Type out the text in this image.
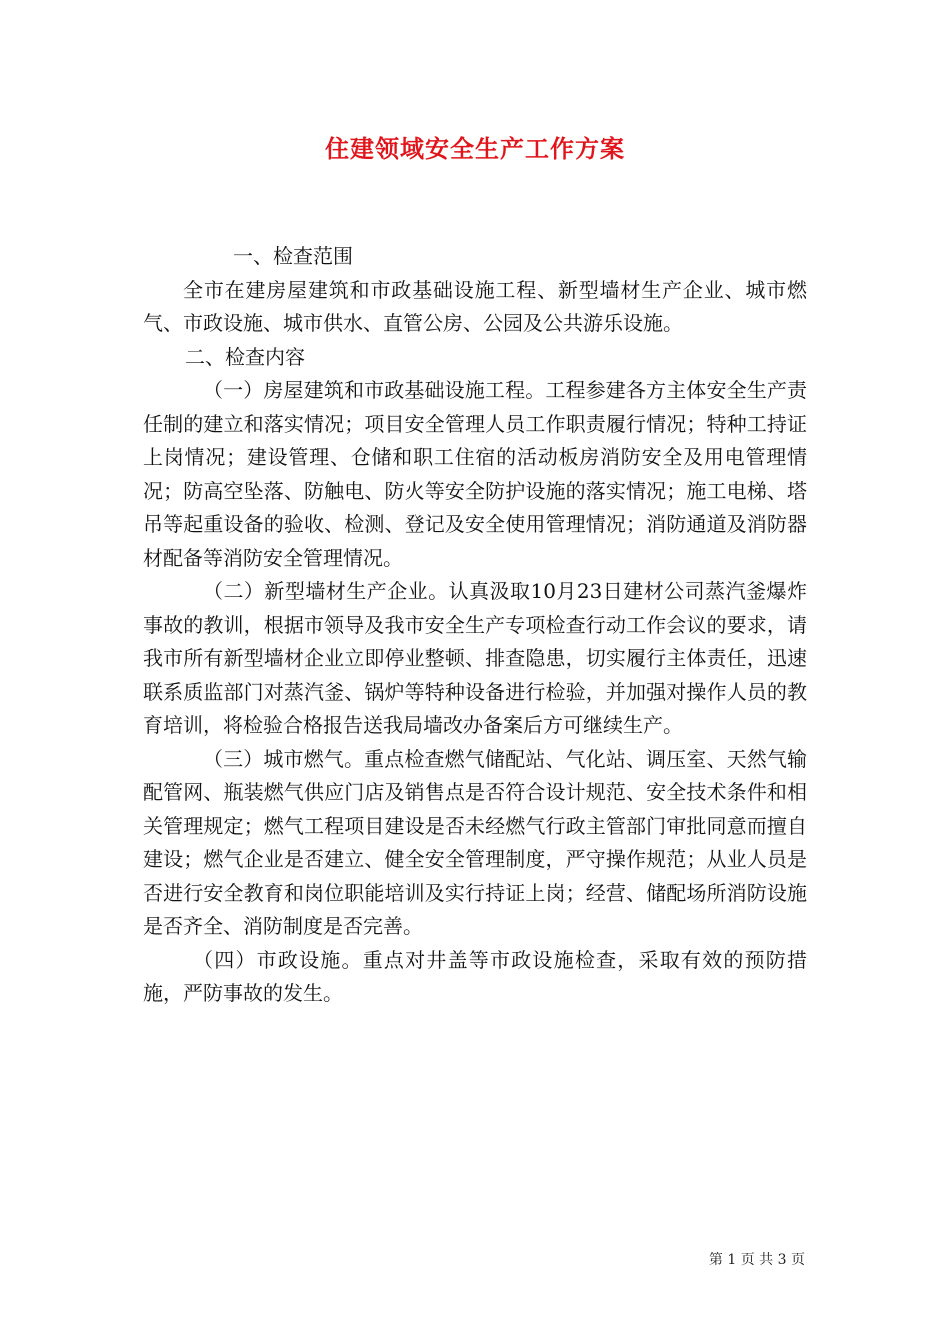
住建领域安全生产工作方案

一、检查范围

全市在建房屋建筑和市政基础设施工程、新型墙材生产企业、城市燃气、市政设施、城市供水、直管公房、公园及公共游乐设施。

二、检查内容

（一）房屋建筑和市政基础设施工程。工程参建各方主体安全生产责任制的建立和落实情况；项目安全管理人员工作职责履行情况；特种工持证上岗情况；建设管理、仓储和职工住宿的活动板房消防安全及用电管理情况；防高空坠落、防触电、防火等安全防护设施的落实情况；施工电梯、塔吊等起重设备的验收、检测、登记及安全使用管理情况；消防通道及消防器材配备等消防安全管理情况。

（二）新型墙材生产企业。认真汲取10月23日建材公司蒸汽釜爆炸事故的教训，根据市领导及我市安全生产专项检查行动工作会议的要求，请我市所有新型墙材企业立即停业整顿、排查隐患，切实履行主体责任，迅速联系质监部门对蒸汽釜、锅炉等特种设备进行检验，并加强对操作人员的教育培训，将检验合格报告送我局墙改办备案后方可继续生产。

（三）城市燃气。重点检查燃气储配站、气化站、调压室、天然气输配管网、瓶装燃气供应门店及销售点是否符合设计规范、安全技术条件和相关管理规定；燃气工程项目建设是否未经燃气行政主管部门审批同意而擅自建设；燃气企业是否建立、健全安全管理制度，严守操作规范；从业人员是否进行安全教育和岗位职能培训及实行持证上岗；经营、储配场所消防设施是否齐全、消防制度是否完善。

（四）市政设施。重点对井盖等市政设施检查，采取有效的预防措施，严防事故的发生。

第 1 页 共 3 页
